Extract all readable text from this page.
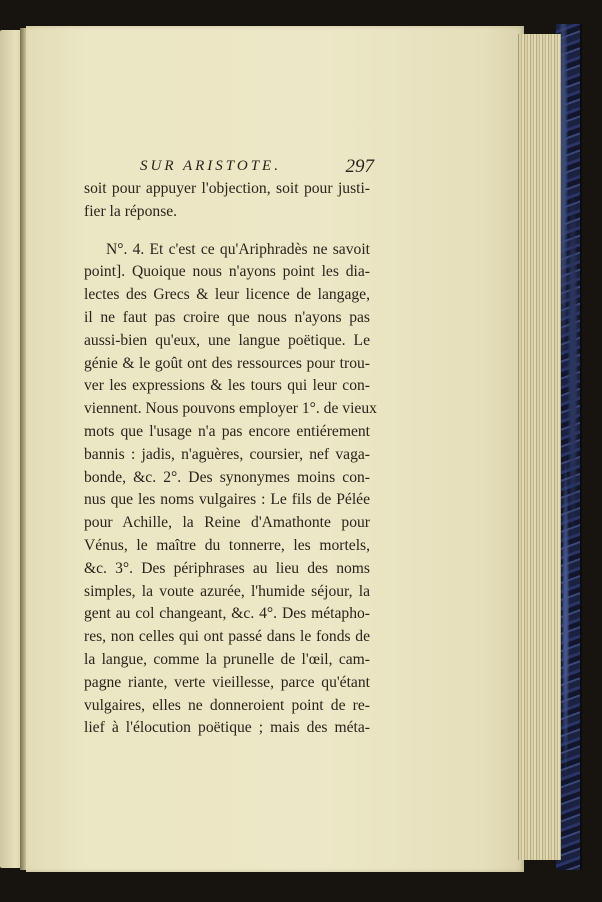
SUR ARISTOTE.	297
soit pour appuyer l'objection, soit pour justi-
fier la réponse.
N°. 4. Et c'est ce qu'Ariphradès ne savoit
point]. Quoique nous n'ayons point les dia-
lectes des Grecs & leur licence de langage,
il ne faut pas croire que nous n'ayons pas
aussi-bien qu'eux, une langue poëtique. Le
génie & le goût ont des ressources pour trou-
ver les expressions & les tours qui leur con-
viennent. Nous pouvons employer 1°. de vieux
mots que l'usage n'a pas encore entiérement
bannis : jadis, n'aguères, coursier, nef vaga-
bonde, &c. 2°. Des synonymes moins con-
nus que les noms vulgaires : Le fils de Pélée
pour Achille, la Reine d'Amathonte pour
Vénus, le maître du tonnerre, les mortels,
&c. 3°. Des périphrases au lieu des noms
simples, la voute azurée, l'humide séjour, la
gent au col changeant, &c. 4°. Des métapho-
res, non celles qui ont passé dans le fonds de
la langue, comme la prunelle de l'œil, cam-
pagne riante, verte vieillesse, parce qu'étant
vulgaires, elles ne donneroient point de re-
lief à l'élocution poëtique ; mais des méta-
